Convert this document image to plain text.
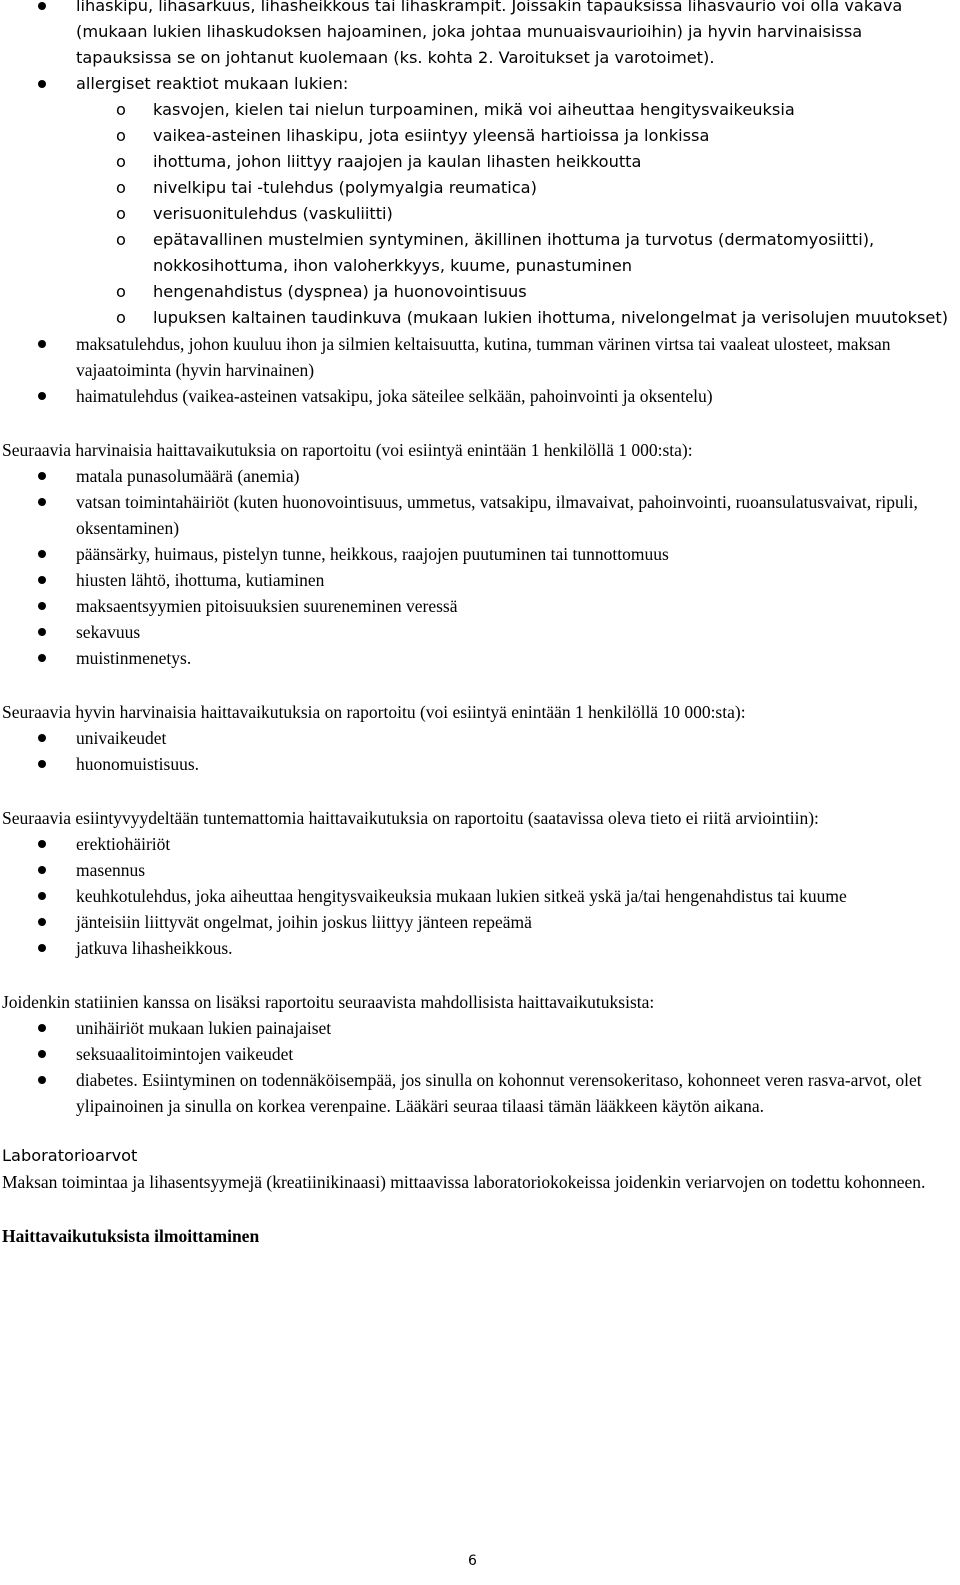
lihaskipu, lihasarkuus, lihasheikkous tai lihaskrampit. Joissakin tapauksissa lihasvaurio voi olla vakava (mukaan lukien lihaskudoksen hajoaminen, joka johtaa munuaisvaurioihin) ja hyvin harvinaisissa tapauksissa se on johtanut kuolemaan (ks. kohta 2. Varoitukset ja varotoimet).
allergiset reaktiot mukaan lukien:
o kasvojen, kielen tai nielun turpoaminen, mikä voi aiheuttaa hengitysvaikeuksia
o vaikea-asteinen lihaskipu, jota esiintyy yleensä hartioissa ja lonkissa
o ihottuma, johon liittyy raajojen ja kaulan lihasten heikkoutta
o nivelkipu tai -tulehdus (polymyalgia reumatica)
o verisuonitulehdus (vaskuliitti)
o epätavallinen mustelmien syntyminen, äkillinen ihottuma ja turvotus (dermatomyosiitti), nokkosihottuma, ihon valoherkkyys, kuume, punastuminen
o hengenahdistus (dyspnea) ja huonovointisuus
o lupuksen kaltainen taudinkuva (mukaan lukien ihottuma, nivelongelmat ja verisolujen muutokset)
maksatulehdus, johon kuuluu ihon ja silmien keltaisuutta, kutina, tumman värinen virtsa tai vaaleat ulosteet, maksan vajaatoiminta (hyvin harvinainen)
haimatulehdus (vaikea-asteinen vatsakipu, joka säteilee selkään, pahoinvointi ja oksentelu)

Seuraavia harvinaisia haittavaikutuksia on raportoitu (voi esiintyä enintään 1 henkilöllä 1 000:sta):

matala punasolumäärä (anemia)
vatsan toimintahäiriöt (kuten huonovointisuus, ummetus, vatsakipu, ilmavaivat, pahoinvointi, ruoansulatusvaivat, ripuli, oksentaminen)
päänsärky, huimaus, pistelyn tunne, heikkous, raajojen puutuminen tai tunnottomuus
hiusten lähtö, ihottuma, kutiaminen
maksaentsyymien pitoisuuksien suureneminen veressä
sekavuus
muistinmenetys.

Seuraavia hyvin harvinaisia haittavaikutuksia on raportoitu (voi esiintyä enintään 1 henkilöllä 10 000:sta):

univaikeudet
huonomuistisuus.

Seuraavia esiintyvyydeltään tuntemattomia haittavaikutuksia on raportoitu (saatavissa oleva tieto ei riitä arviointiin):

erektiohäiriöt
masennus
keuhkotulehdus, joka aiheuttaa hengitysvaikeuksia mukaan lukien sitkeä yskä ja/tai hengenahdistus tai kuume
jänteisiin liittyvät ongelmat, joihin joskus liittyy jänteen repeämä
jatkuva lihasheikkous.

Joidenkin statiinien kanssa on lisäksi raportoitu seuraavista mahdollisista haittavaikutuksista:

unihäiriöt mukaan lukien painajaiset
seksuaalitoimintojen vaikeudet
diabetes. Esiintyminen on todennäköisempää, jos sinulla on kohonnut verensokeritaso, kohonneet veren rasva-arvot, olet ylipainoinen ja sinulla on korkea verenpaine. Lääkäri seuraa tilaasi tämän lääkkeen käytön aikana.

Laboratorioarvot

Maksan toimintaa ja lihasentsyymejä (kreatiinikinaasi) mittaavissa laboratoriokokeissa joidenkin veriarvojen on todettu kohonneen.

Haittavaikutuksista ilmoittaminen

6
